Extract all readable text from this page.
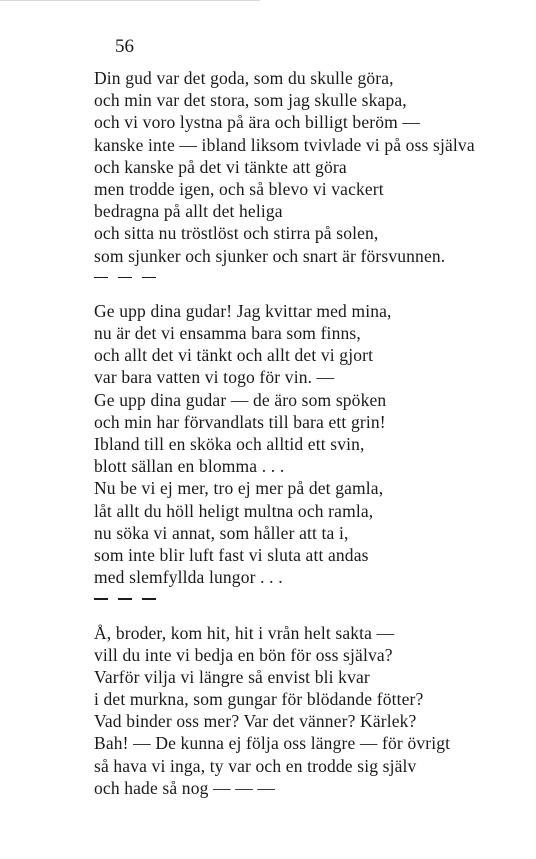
56
Din gud var det goda, som du skulle göra,
och min var det stora, som jag skulle skapa,
och vi voro lystna på ära och billigt beröm —
kanske inte — ibland liksom tvivlade vi på oss själva
och kanske på det vi tänkte att göra
men trodde igen, och så blevo vi vackert
bedragna på allt det heliga
och sitta nu tröstlöst och stirra på solen,
som sjunker och sjunker och snart är försvunnen.
Ge upp dina gudar! Jag kvittar med mina,
nu är det vi ensamma bara som finns,
och allt det vi tänkt och allt det vi gjort
var bara vatten vi togo för vin. —
Ge upp dina gudar — de äro som spöken
och min har förvandlats till bara ett grin!
Ibland till en sköka och alltid ett svin,
blott sällan en blomma . . .
Nu be vi ej mer, tro ej mer på det gamla,
låt allt du höll heligt multna och ramla,
nu söka vi annat, som håller att ta i,
som inte blir luft fast vi sluta att andas
med slemfyllda lungor . . .
Å, broder, kom hit, hit i vrån helt sakta —
vill du inte vi bedja en bön för oss själva?
Varför vilja vi längre så envist bli kvar
i det murkna, som gungar för blödande fötter?
Vad binder oss mer? Var det vänner? Kärlek?
Bah! — De kunna ej följa oss längre — för övrigt
så hava vi inga, ty var och en trodde sig själv
och hade så nog — — —
